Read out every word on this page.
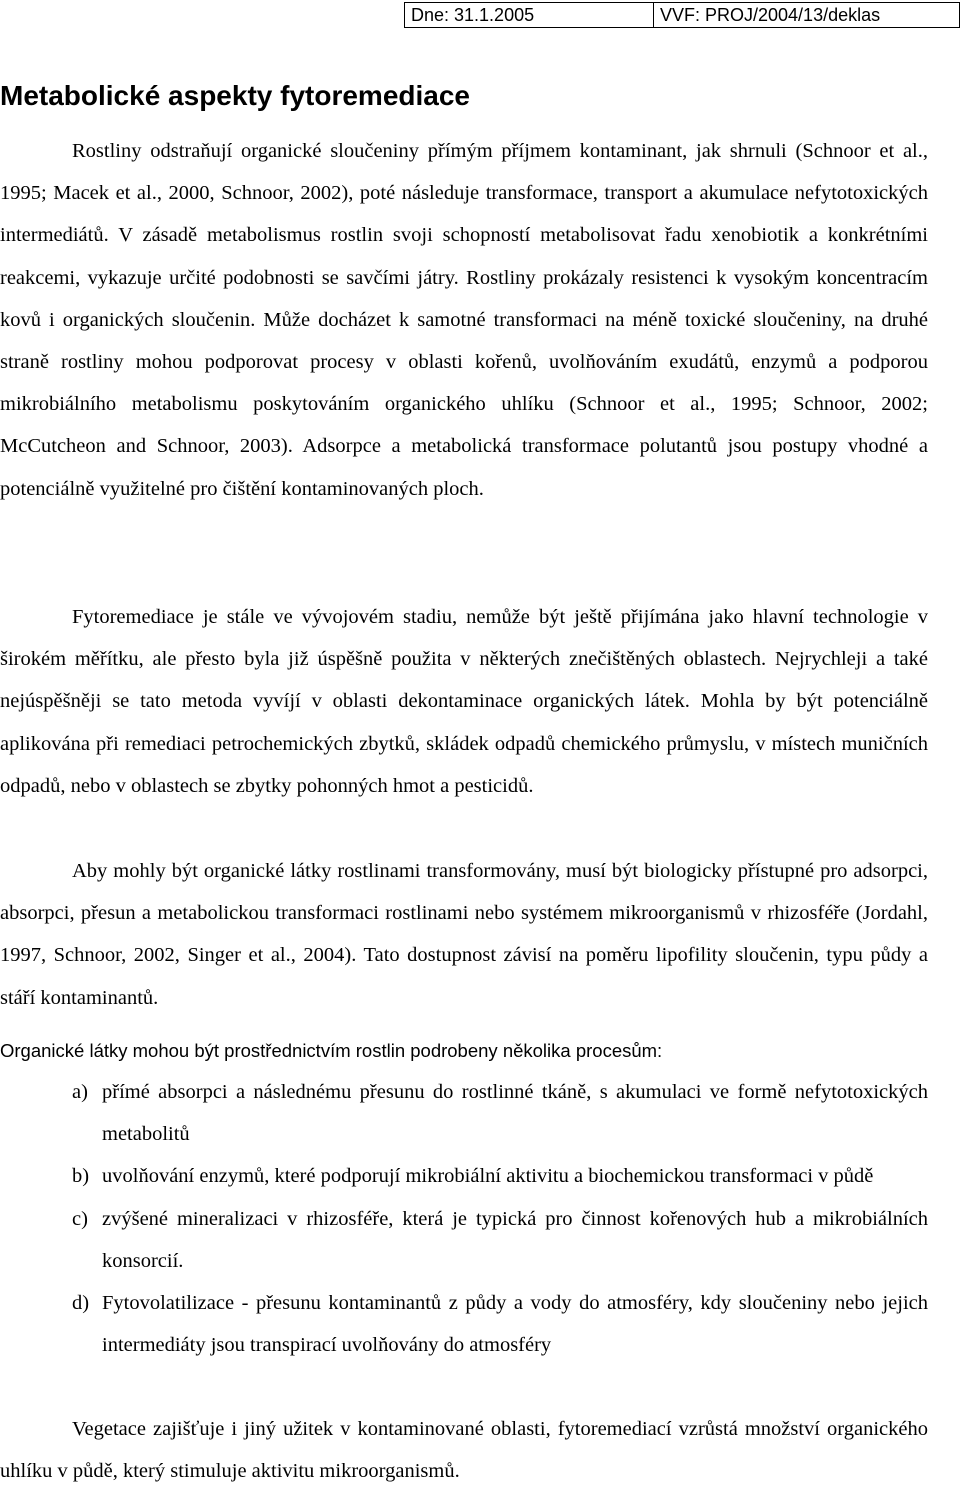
Dne: 31.1.2005	VVF: PROJ/2004/13/deklas
Metabolické aspekty fytoremediace

Rostliny odstraňují organické sloučeniny přímým příjmem kontaminant, jak shrnuli (Schnoor et al., 1995; Macek et al., 2000, Schnoor, 2002), poté následuje transformace, transport a akumulace nefytotoxických intermediátů. V zásadě metabolismus rostlin svoji schopností metabolisovat řadu xenobiotik a konkrétními reakcemi, vykazuje určité podobnosti se savčími játry. Rostliny prokázaly resistenci k vysokým koncentracím kovů i organických sloučenin. Může docházet k samotné transformaci na méně toxické sloučeniny, na druhé straně rostliny mohou podporovat procesy v oblasti kořenů, uvolňováním exudátů, enzymů a podporou mikrobiálního metabolismu poskytováním organického uhlíku (Schnoor et al., 1995; Schnoor, 2002; McCutcheon and Schnoor, 2003). Adsorpce a metabolická transformace polutantů jsou postupy vhodné a potenciálně využitelné pro čištění kontaminovaných ploch.

Fytoremediace je stále ve vývojovém stadiu, nemůže být ještě přijímána jako hlavní technologie v širokém měřítku, ale přesto byla již úspěšně použita v některých znečištěných oblastech. Nejrychleji a také nejúspěšněji se tato metoda vyvíjí v oblasti dekontaminace organických látek. Mohla by být potenciálně aplikována při remediaci petrochemických zbytků, skládek odpadů chemického průmyslu, v místech muničních odpadů, nebo v oblastech se zbytky pohonných hmot a pesticidů.

Aby mohly být organické látky rostlinami transformovány, musí být biologicky přístupné pro adsorpci, absorpci, přesun a metabolickou transformaci rostlinami nebo systémem mikroorganismů v rhizosféře (Jordahl, 1997, Schnoor, 2002, Singer et al., 2004). Tato dostupnost závisí na poměru lipofility sloučenin, typu půdy a stáří kontaminantů.

Organické látky mohou být prostřednictvím rostlin podrobeny několika procesům:

a) přímé absorpci a následnému přesunu do rostlinné tkáně, s akumulaci ve formě nefytotoxických metabolitů
b) uvolňování enzymů, které podporují mikrobiální aktivitu a biochemickou transformaci v půdě
c) zvýšené mineralizaci v rhizosféře, která je typická pro činnost kořenových hub a mikrobiálních konsorcií.
d) Fytovolatilizace - přesunu kontaminantů z půdy a vody do atmosféry, kdy sloučeniny nebo jejich intermediáty jsou transpirací uvolňovány do atmosféry

Vegetace zajišťuje i jiný užitek v kontaminované oblasti, fytoremediací vzrůstá množství organického uhlíku v půdě, který stimuluje aktivitu mikroorganismů.
